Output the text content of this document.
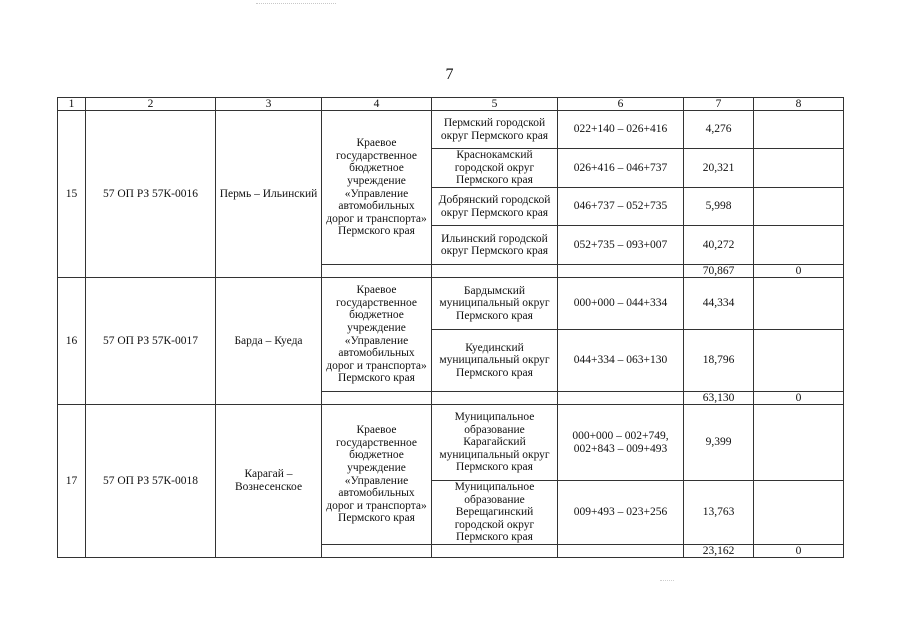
7
1	2	3	4	5	6	7	8
15	57 ОП РЗ 57К-0016	Пермь – Ильинский	Краевое государственное бюджетное учреждение «Управление автомобильных дорог и транспорта» Пермского края	Пермский городской округ Пермского края	022+140 – 026+416	4,276	
				Краснокамский городской округ Пермского края	026+416 – 046+737	20,321	
				Добрянский городской округ Пермского края	046+737 – 052+735	5,998	
				Ильинский городской округ Пермского края	052+735 – 093+007	40,272	
						70,867	0
16	57 ОП РЗ 57К-0017	Барда – Куеда	Краевое государственное бюджетное учреждение «Управление автомобильных дорог и транспорта» Пермского края	Бардымский муниципальный округ Пермского края	000+000 – 044+334	44,334	
				Куединский муниципальный округ Пермского края	044+334 – 063+130	18,796	
						63,130	0
17	57 ОП РЗ 57К-0018	Карагай – Вознесенское	Краевое государственное бюджетное учреждение «Управление автомобильных дорог и транспорта» Пермского края	Муниципальное образование Карагайский муниципальный округ Пермского края	000+000 – 002+749, 002+843 – 009+493	9,399	
				Муниципальное образование Верещагинский городской округ Пермского края	009+493 – 023+256	13,763	
						23,162	0
